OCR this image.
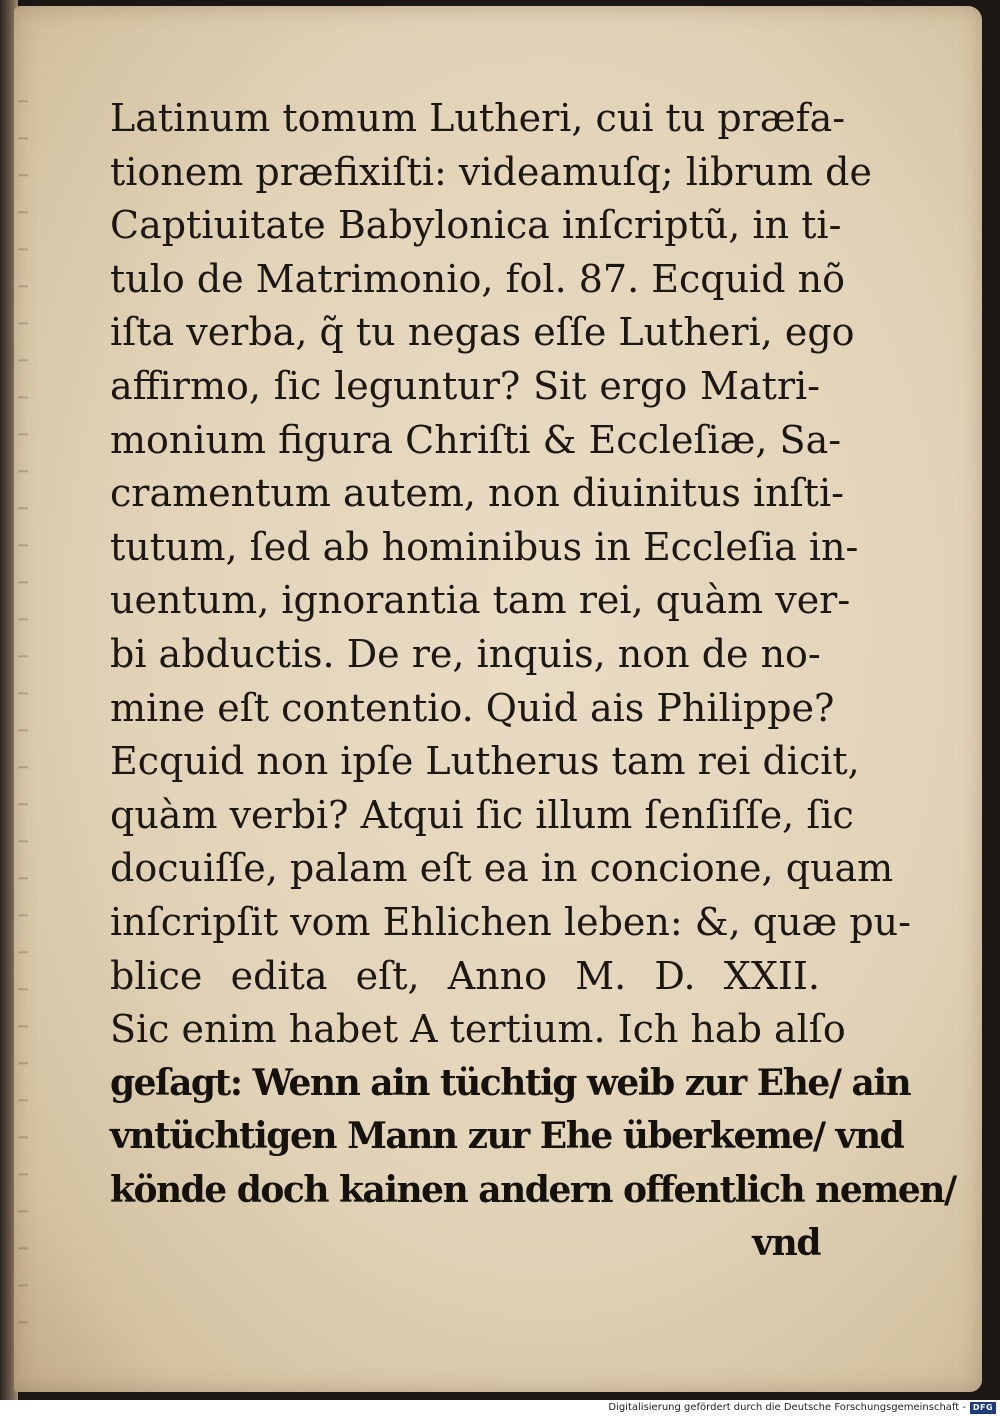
Latinum tomum Lutheri, cui tu præfa-
tionem præfixiſti: videamuſq; librum de
Captiuitate Babylonica inſcriptũ, in ti-
tulo de Matrimonio, fol. 87. Ecquid nõ
iſta verba, q̃ tu negas eſſe Lutheri, ego
affirmo, ſic leguntur? Sit ergo Matri-
monium figura Chriſti & Eccleſiæ, Sa-
cramentum autem, non diuinitus inſti-
tutum, ſed ab hominibus in Eccleſia in-
uentum, ignorantia tam rei, quàm ver-
bi abductis. De re, inquis, non de no-
mine eſt contentio. Quid ais Philippe?
Ecquid non ipſe Lutherus tam rei dicit,
quàm verbi? Atqui ſic illum ſenſiſſe, ſic
docuiſſe, palam eſt ea in concione, quam
inſcripſit vom Ehlichen leben: &, quæ pu-
blice edita eſt, Anno M. D. XXII.
Sic enim habet A tertium. Ich hab alſo
geſagt: Wenn ain tüchtig weib zur Ehe/ ain
vntüchtigen Mann zur Ehe überkeme/ vnd
könde doch kainen andern offentlich nemen/
vnd
Digitalisierung gefördert durch die Deutsche Forschungsgemeinschaft - DFG
